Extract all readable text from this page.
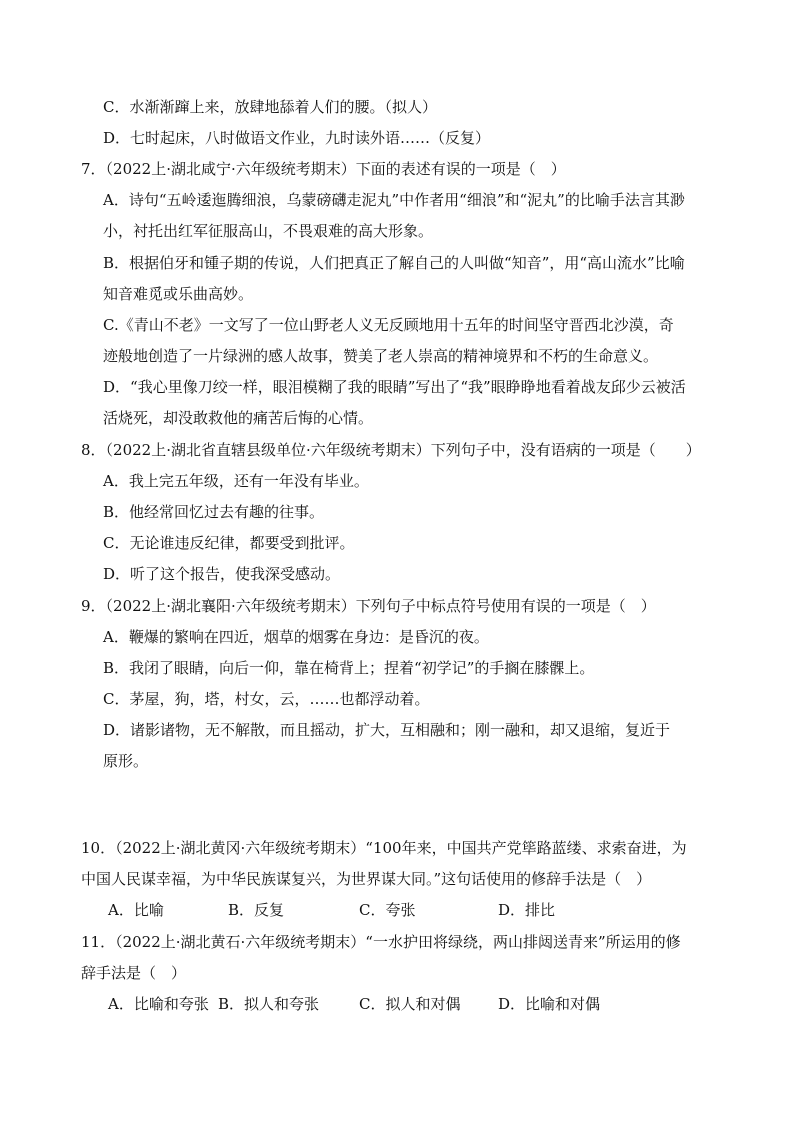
C．水渐渐蹿上来，放肆地舔着人们的腰。（拟人）
D．七时起床，八时做语文作业，九时读外语……（反复）
7．（2022上·湖北咸宁·六年级统考期末）下面的表述有误的一项是（　）
A．诗句“五岭逶迤腾细浪，乌蒙磅礴走泥丸”中作者用“细浪”和“泥丸”的比喻手法言其渺
小，衬托出红军征服高山，不畏艰难的高大形象。
B．根据伯牙和锺子期的传说，人们把真正了解自己的人叫做“知音”，用“高山流水”比喻
知音难觅或乐曲高妙。
C.《青山不老》一文写了一位山野老人义无反顾地用十五年的时间坚守晋西北沙漠，奇
迹般地创造了一片绿洲的感人故事，赞美了老人崇高的精神境界和不朽的生命意义。
D．“我心里像刀绞一样，眼泪模糊了我的眼睛”写出了“我”眼睁睁地看着战友邱少云被活
活烧死，却没敢救他的痛苦后悔的心情。
8．（2022上·湖北省直辖县级单位·六年级统考期末）下列句子中，没有语病的一项是（　　）
A．我上完五年级，还有一年没有毕业。
B．他经常回忆过去有趣的往事。
C．无论谁违反纪律，都要受到批评。
D．听了这个报告，使我深受感动。
9．（2022上·湖北襄阳·六年级统考期末）下列句子中标点符号使用有误的一项是（　）
A．鞭爆的繁响在四近，烟草的烟雾在身边：是昏沉的夜。
B．我闭了眼睛，向后一仰，靠在椅背上；捏着“初学记”的手搁在膝髁上。
C．茅屋，狗，塔，村女，云，……也都浮动着。
D．诸影诸物，无不解散，而且摇动，扩大，互相融和；刚一融和，却又退缩，复近于
原形。
10．（2022上·湖北黄冈·六年级统考期末）“100年来，中国共产党筚路蓝缕、求索奋进，为
中国人民谋幸福，为中华民族谋复兴，为世界谋大同。”这句话使用的修辞手法是（　）
A．比喻	B．反复	C．夸张	D．排比
11．（2022上·湖北黄石·六年级统考期末）“一水护田将绿绕，两山排闼送青来”所运用的修
辞手法是（　）
A．比喻和夸张 B．拟人和夸张	C．拟人和对偶	D．比喻和对偶
